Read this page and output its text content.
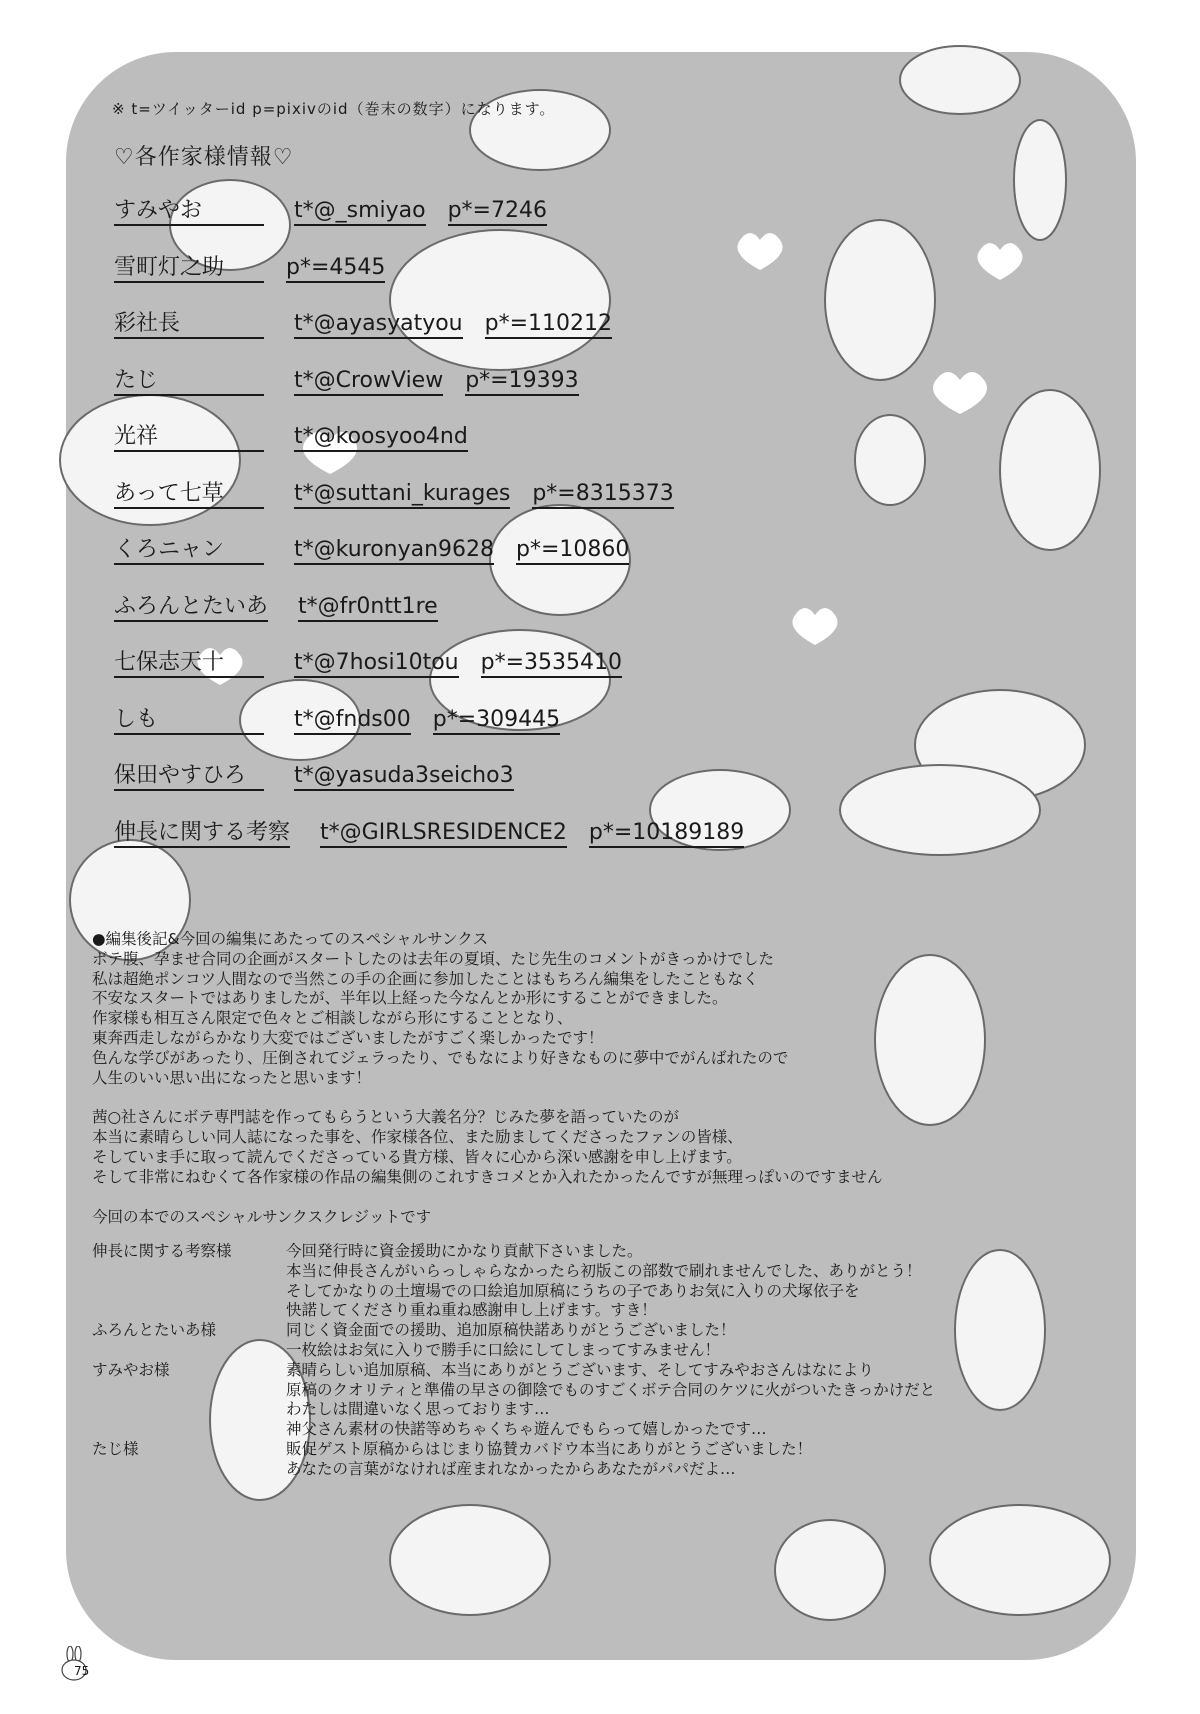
※ t=ツイッターid p=pixivのid（巻末の数字）になります。
♡各作家様情報♡
すみやお	t*@_smiyao p*=7246
雪町灯之助	p*=4545
彩社長	t*@ayasyatyou p*=110212
たじ	t*@CrowView p*=19393
光祥	t*@koosyoo4nd
あって七草	t*@suttani_kurages p*=8315373
くろニャン	t*@kuronyan9628 p*=10860
ふろんとたいあ t*@fr0ntt1re
七保志天十	t*@7hosi10tou p*=3535410
しも	t*@fnds00 p*=309445
保田やすひろ t*@yasuda3seicho3
伸長に関する考察 t*@GIRLSRESIDENCE2 p*=10189189

●編集後記&今回の編集にあたってのスペシャルサンクス

ボテ腹、孕ませ合同の企画がスタートしたのは去年の夏頃、たじ先生のコメントがきっかけでした

私は超絶ポンコツ人間なので当然この手の企画に参加したことはもちろん編集をしたこともなく

不安なスタートではありましたが、半年以上経った今なんとか形にすることができました。

作家様も相互さん限定で色々とご相談しながら形にすることとなり、

東奔西走しながらかなり大変ではございましたがすごく楽しかったです！

色んな学びがあったり、圧倒されてジェラったり、でもなにより好きなものに夢中でがんばれたので

人生のいい思い出になったと思います！

茜○社さんにボテ専門誌を作ってもらうという大義名分？じみた夢を語っていたのが

本当に素晴らしい同人誌になった事を、作家様各位、また励ましてくださったファンの皆様、

そしていま手に取って読んでくださっている貴方様、皆々に心から深い感謝を申し上げます。

そして非常にねむくて各作家様の作品の編集側のこれすきコメとか入れたかったんですが無理っぽいのですません

今回の本でのスペシャルサンクスクレジットです

伸長に関する考察様	今回発行時に資金援助にかなり貢献下さいました。

本当に伸長さんがいらっしゃらなかったら初版この部数で刷れませんでした、ありがとう！

そしてかなりの土壇場での口絵追加原稿にうちの子でありお気に入りの犬塚依子を

快諾してくださり重ね重ね感謝申し上げます。すき！

ふろんとたいあ様	同じく資金面での援助、追加原稿快諾ありがとうございました！

一枚絵はお気に入りで勝手に口絵にしてしまってすみません！

すみやお様	素晴らしい追加原稿、本当にありがとうございます、そしてすみやおさんはなにより

原稿のクオリティと準備の早さの御陰でものすごくボテ合同のケツに火がついたきっかけだと

わたしは間違いなく思っております…

神父さん素材の快諾等めちゃくちゃ遊んでもらって嬉しかったです…

たじ様	販促ゲスト原稿からはじまり協賛カバドウ本当にありがとうございました！

あなたの言葉がなければ産まれなかったからあなたがパパだよ…

75
